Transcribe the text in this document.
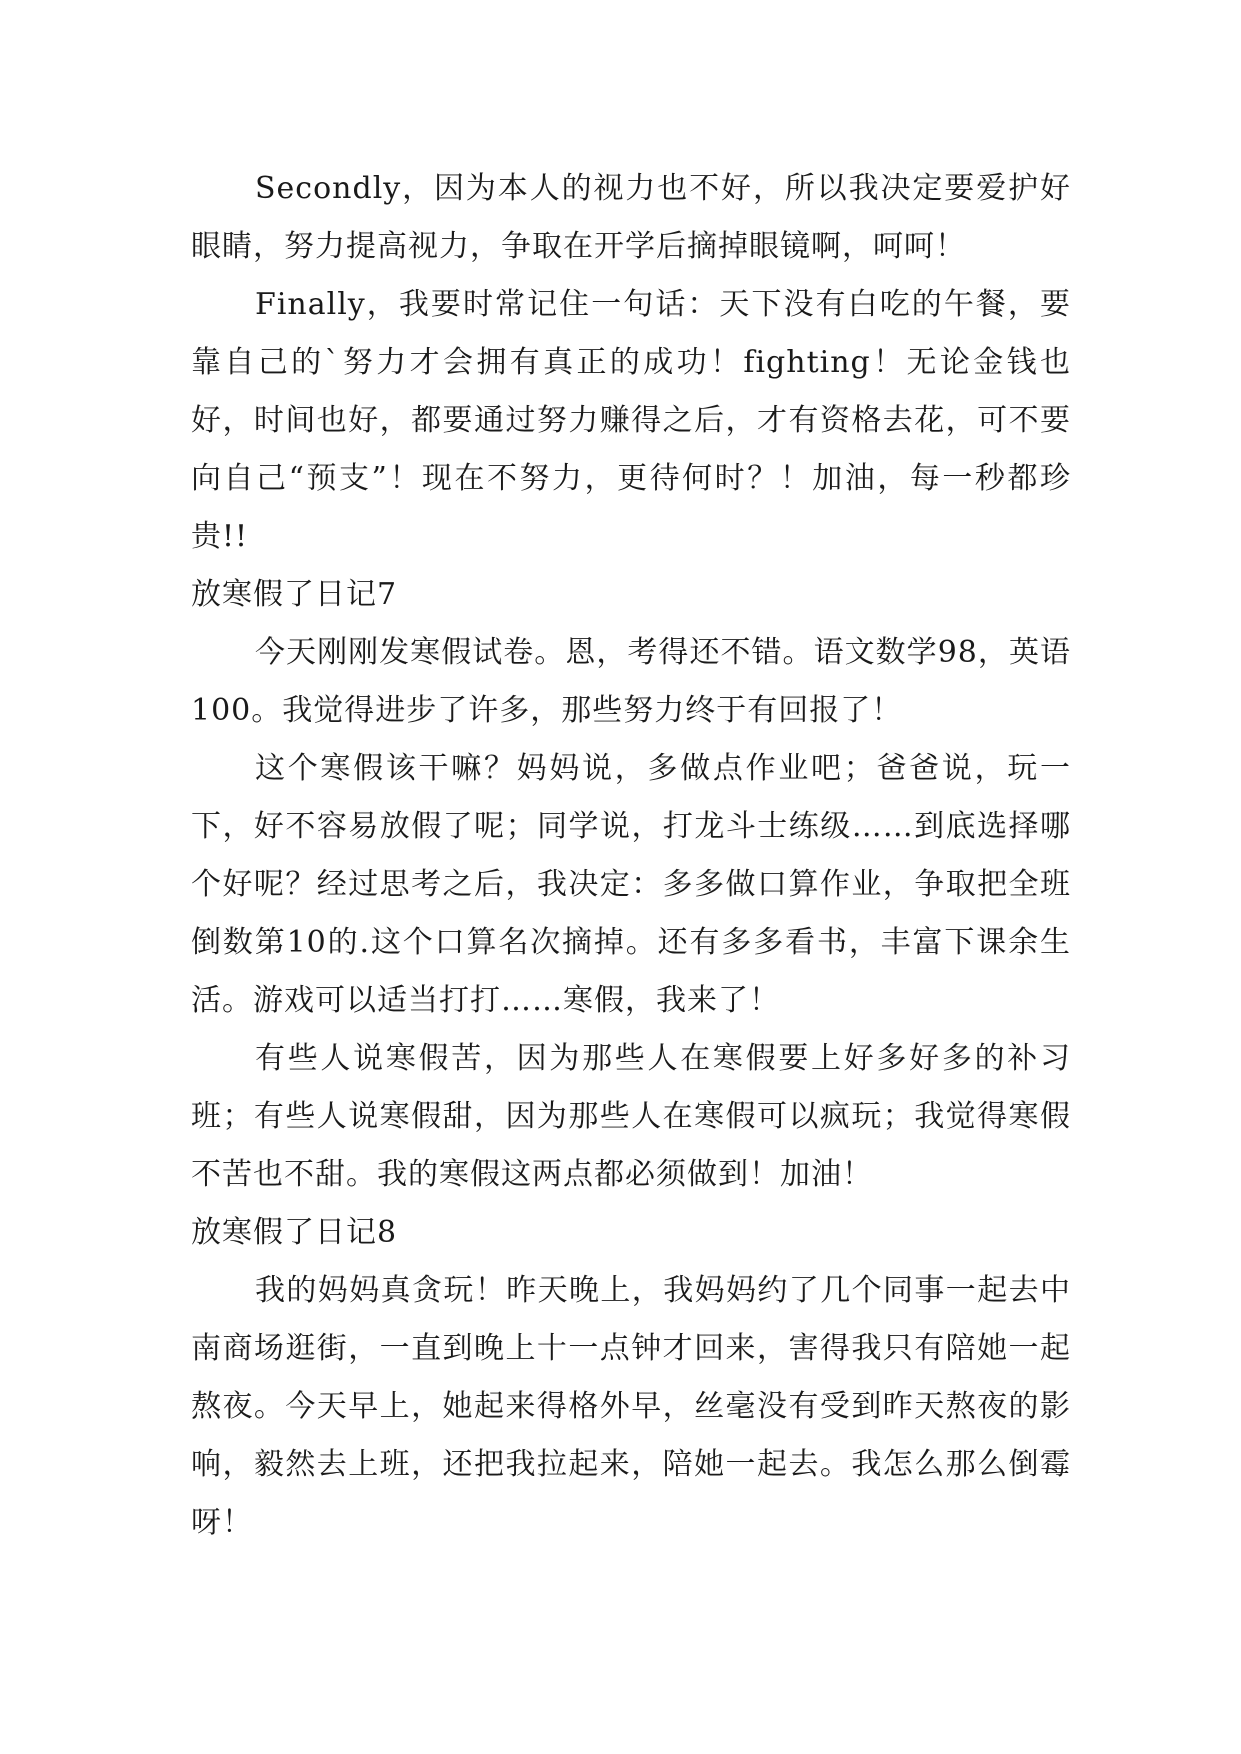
Secondly，因为本人的视力也不好，所以我决定要爱护好眼睛，努力提高视力，争取在开学后摘掉眼镜啊，呵呵！

Finally，我要时常记住一句话：天下没有白吃的午餐，要靠自己的`努力才会拥有真正的成功！fighting！无论金钱也好，时间也好，都要通过努力赚得之后，才有资格去花，可不要向自己“预支”！现在不努力，更待何时？！加油，每一秒都珍贵!!

放寒假了日记7

今天刚刚发寒假试卷。恩，考得还不错。语文数学98，英语100。我觉得进步了许多，那些努力终于有回报了！

这个寒假该干嘛？妈妈说，多做点作业吧；爸爸说，玩一下，好不容易放假了呢；同学说，打龙斗士练级……到底选择哪个好呢？经过思考之后，我决定：多多做口算作业，争取把全班倒数第10的.这个口算名次摘掉。还有多多看书，丰富下课余生活。游戏可以适当打打……寒假，我来了！

有些人说寒假苦，因为那些人在寒假要上好多好多的补习班；有些人说寒假甜，因为那些人在寒假可以疯玩；我觉得寒假不苦也不甜。我的寒假这两点都必须做到！加油！

放寒假了日记8

我的妈妈真贪玩！昨天晚上，我妈妈约了几个同事一起去中南商场逛街，一直到晚上十一点钟才回来，害得我只有陪她一起熬夜。今天早上，她起来得格外早，丝毫没有受到昨天熬夜的影响，毅然去上班，还把我拉起来，陪她一起去。我怎么那么倒霉呀！
